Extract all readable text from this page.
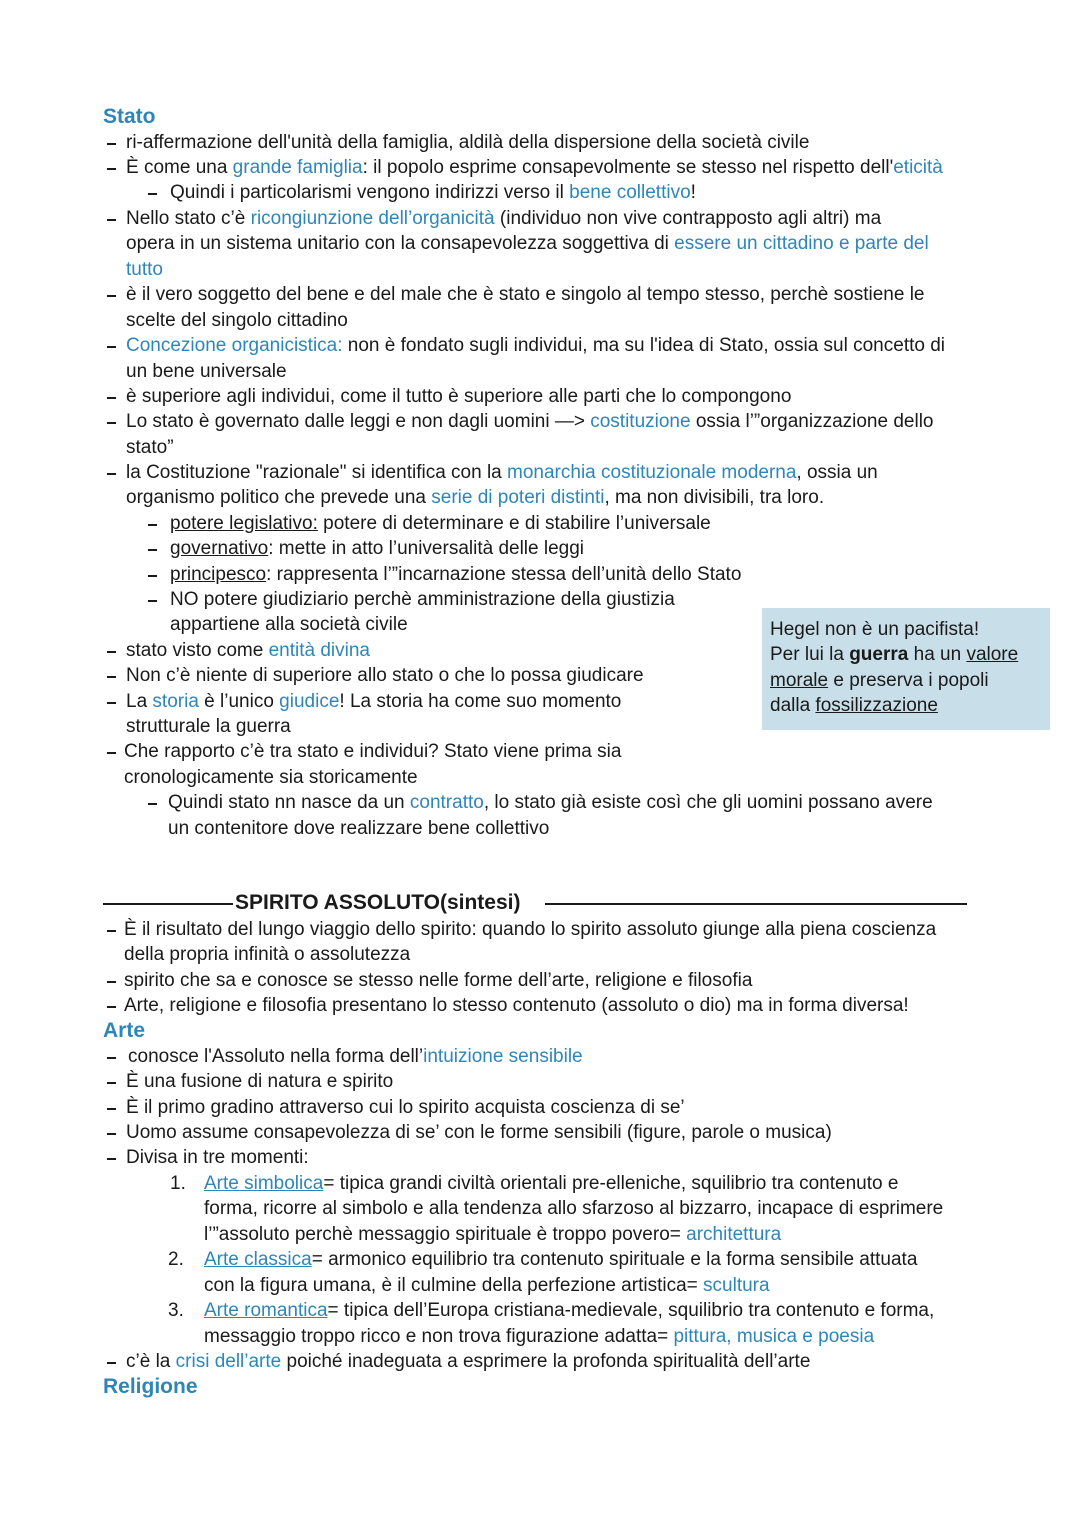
Stato
ri-affermazione dell'unità della famiglia, aldilà della dispersione della società civile
È come una grande famiglia: il popolo esprime consapevolmente se stesso nel rispetto dell'eticità
Quindi i particolarismi vengono indirizzi verso il bene collettivo!
Nello stato c’è ricongiunzione dell’organicità (individuo non vive contrapposto agli altri) ma
opera in un sistema unitario con la consapevolezza soggettiva di essere un cittadino e parte del
tutto
è il vero soggetto del bene e del male che è stato e singolo al tempo stesso, perchè sostiene le
scelte del singolo cittadino
Concezione organicistica: non è fondato sugli individui, ma su l'idea di Stato, ossia sul concetto di
un bene universale
è superiore agli individui, come il tutto è superiore alle parti che lo compongono
Lo stato è governato dalle leggi e non dagli uomini —> costituzione ossia l’”organizzazione dello
stato”
la Costituzione "razionale" si identifica con la monarchia costituzionale moderna, ossia un
organismo politico che prevede una serie di poteri distinti, ma non divisibili, tra loro.
potere legislativo: potere di determinare e di stabilire l’universale
governativo: mette in atto l’universalità delle leggi
principesco: rappresenta l’”incarnazione stessa dell’unità dello Stato
NO potere giudiziario perchè amministrazione della giustizia
appartiene alla società civile
stato visto come entità divina
Non c’è niente di superiore allo stato o che lo possa giudicare
La storia è l’unico giudice! La storia ha come suo momento
strutturale la guerra
Che rapporto c’è tra stato e individui? Stato viene prima sia
cronologicamente sia storicamente
Quindi stato nn nasce da un contratto, lo stato già esiste così che gli uomini possano avere
un contenitore dove realizzare bene collettivo
Hegel non è un pacifista!
Per lui la guerra ha un valore
morale e preserva i popoli
dalla fossilizzazione
SPIRITO ASSOLUTO(sintesi)
È il risultato del lungo viaggio dello spirito: quando lo spirito assoluto giunge alla piena coscienza
della propria infinità o assolutezza
spirito che sa e conosce se stesso nelle forme dell’arte, religione e filosofia
Arte, religione e filosofia presentano lo stesso contenuto (assoluto o dio) ma in forma diversa!
Arte
conosce l'Assoluto nella forma dell’intuizione sensibile
È una fusione di natura e spirito
È il primo gradino attraverso cui lo spirito acquista coscienza di se’
Uomo assume consapevolezza di se’ con le forme sensibili (figure, parole o musica)
Divisa in tre momenti:
1. Arte simbolica= tipica grandi civiltà orientali pre-elleniche, squilibrio tra contenuto e
forma, ricorre al simbolo e alla tendenza allo sfarzoso al bizzarro, incapace di esprimere
l’”assoluto perchè messaggio spirituale è troppo povero= architettura
2. Arte classica= armonico equilibrio tra contenuto spirituale e la forma sensibile attuata
con la figura umana, è il culmine della perfezione artistica= scultura
3. Arte romantica= tipica dell’Europa cristiana-medievale, squilibrio tra contenuto e forma,
messaggio troppo ricco e non trova figurazione adatta= pittura, musica e poesia
c’è la crisi dell’arte poiché inadeguata a esprimere la profonda spiritualità dell’arte
Religione
